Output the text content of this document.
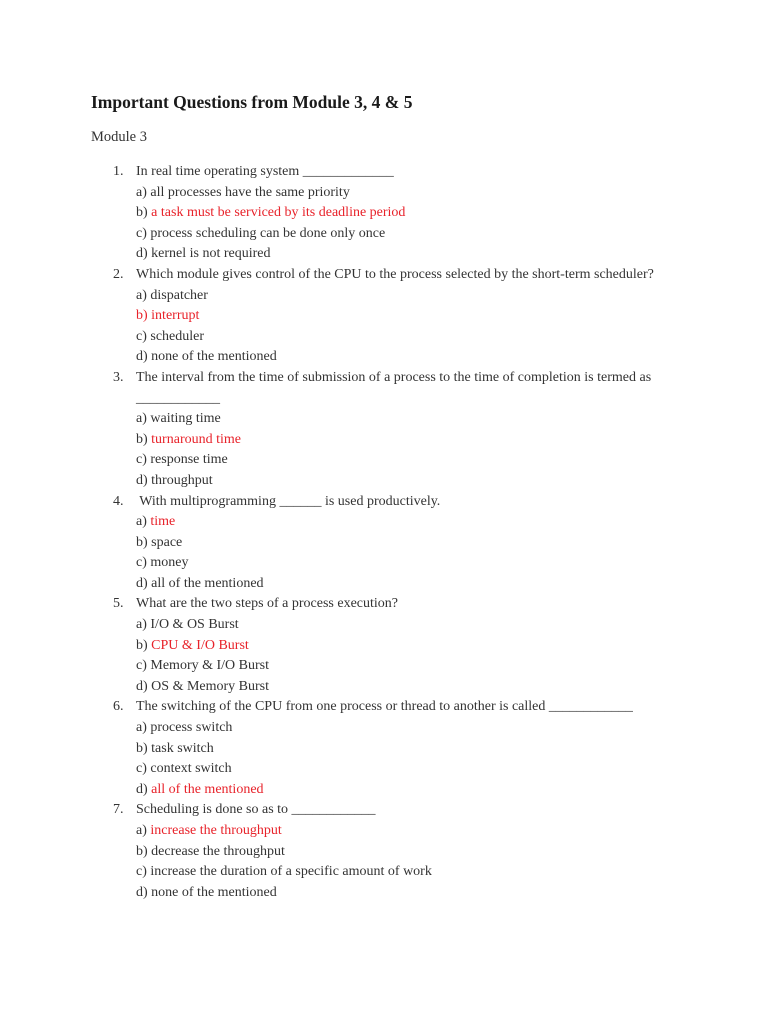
Important Questions from Module 3, 4 & 5
Module 3
1. In real time operating system _____________
a) all processes have the same priority
b) a task must be serviced by its deadline period
c) process scheduling can be done only once
d) kernel is not required
2. Which module gives control of the CPU to the process selected by the short-term scheduler?
a) dispatcher
b) interrupt
c) scheduler
d) none of the mentioned
3. The interval from the time of submission of a process to the time of completion is termed as ____________
a) waiting time
b) turnaround time
c) response time
d) throughput
4. With multiprogramming ______ is used productively.
a) time
b) space
c) money
d) all of the mentioned
5. What are the two steps of a process execution?
a) I/O & OS Burst
b) CPU & I/O Burst
c) Memory & I/O Burst
d) OS & Memory Burst
6. The switching of the CPU from one process or thread to another is called ____________
a) process switch
b) task switch
c) context switch
d) all of the mentioned
7. Scheduling is done so as to ____________
a) increase the throughput
b) decrease the throughput
c) increase the duration of a specific amount of work
d) none of the mentioned
